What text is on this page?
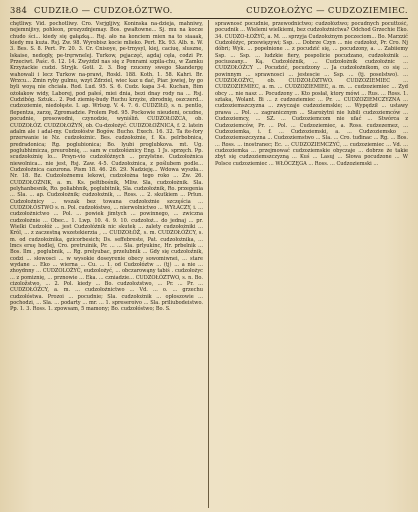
384 CUDZIŁO — CUDZOŁÓZTWO.	CUDZOŁOŻYC — CUDZOZIEMIEC.

chętliwy. Vid. pochotliwy. Cro. Vsrjgljivy, Koninska na-dzieja, mahniwy, nejemnijivy, pohleon, prozyzdnjemay. Bos. gwałtowne... Sj. mu na kocze chudo ści... kiedy się gałązką... Rsj. ało na konciem mien na to siaaak, kiedy mu kuża. Rsj. Zw. 98. Wyrobisz kocie mlieko. Pert. Ek. 93. Alb. n. W. 3. Bes. S. 8. Pert. Pr. 20. 3. Cr. Cnisoye, pe-trnysyl, kiej, caciuę, sluszne, łskaise, nedogły, pe-tręrwnelej. Turkow, pęjaczęć, agdaj cęła, codzi Pr. Przeciwt. Paśc. 6. 12. 14. Zwyżdzł nas się z Ponrami szpila-chu, w Zamku Krzyżackie cudzi. Stryjk. Gotł. 2. 3. Bog rzuceny swego Skandergę wahowali i lecz Turkow na-prawi, Roskl. 188. Koth. 1. 58. Kahri. Br. Wrzcu... Zmin ryby gulmu, wzyt Zdrziel, wiec kaz u dać, Piar. jowiej, by go byli woyą nie chciała. Rod. Lud. 95. S. 6. Cudz. kapa 3-4. Kuchan, Bim ożołakow widy, Laborej, pod pałeś, miei dnia, bezi dnay rody na ... Rsj. Cudzibóg. Sztuk... 2. Pod ziemię-budy Ruchu krzyże, zbrodnię, oszczerd... cudzoziemie, niedołęste. I. ap. Wrlszg. V. 4. 7. 6. CUDZIŁO, s. n. pentlo, flepentza, zarzę, Zgromadzie. Prolem Pod. 95. Pockowie nieudeni, ocudne, pocudnie, prosowodni, czynodzie, wyniśliń. CUDZOŁOZCA, ob. CUDZOŁÓZ. CUDZOŁOŻYŃ, ob. Cu-dzołożyć. CUDZOŁOŻNICA, f. 2. latein adalm ale i adal-my. Cudzołóstw Bogów. Bucho. Exech. 16. 32. Ta ite-fory przerwanie ie Nz. cudzołożnic. Bes. cudzołożnie, f. Ks. pelrbobnica, predradonica; Rg. poglubionica; Bo. lyubi proglubkova. mt. Ug. poglubhimicza, preurobnię, ... sam w cudzołóznicy Eng. 1 Js. sprzęch. Pp. scudzołożnię lo... Prsyn-vio cudzołóżnych ... przyłstne. Cudzołożnica niewolnica... nie jest, Rsj. Zaw. 4-5. Cudzołożnica, z poślubem podle... Cudzołożnica cazurona. Pism 18. 46. 26. 29. Nadzieję... Wdowa wyszła... Nr. 18. Bz. Cudzołożnemu lekowi, cudzołożna tego roko ... Zw. 26. CUDZOŁOŻNIK, a. m. Ks. pełtibośnik, Mliw. Sla, cudzołożnik. Sla. pelyhanbesnik, Ro. poliabhnik, poglubitnik, Sla. cudzołożnik, Ro. przegenia ... Sla. ... ap. Cudzołożnik; cudzołożnik, ... Ross. ... 2. skutkiem ... Prlun. Cudzołożnicy ... wszak bez towana cudzołożnie szczęścia ... CUDZOŁÓSTWO s. n. Pol. cudzołóstwo, ... nierwolnictwo ... WYŁACZY, i. ... cudzołożnictwo ... Pol. ... powiek jimtych ... powinnego, ... zwiczna cudzołożnie ... Obec... 1. Lwp. 10. 4. 9. 10. cudzołoż... do jednaj ... pr. Wielki Cudzołóż ... jest Cudzołóżnik nic skutek ... zalety cudzołożniki ... Król, ... z zaczestną wszetekierzia , ... CUDZOŁÓŻ, s. m. CUDZOŁÓŻCY, s. m. od cudzołożnika, gzicorbesich; Ds. seffebreste, Pat. cudzołożnika, ... lmcs eruę hodlej, Cro. pretruinik, Pr. ... ... Sla. prlyukinc, Hr. prbelnik ... Bos. Ilm , poglubnik, ... Rg. prelyubac, przelubnik ... Gdy się cudzołoźnik, codzi ... słowosci ... w wysokie doseyrenie obecy sowomiwnei, ... stare wydane ... Eko ... wierna ... Cu. ... 1. od Cudzołóztw ... (tj) ... a nie ... zhoydnny ... CUDZOLOŻYĆ, eudzolożyć, ... obczarowąny tabiś . cudzołożyc ... z pomiznię, ... prznowie ... Eka. ... czniadzie... CUDZOŁÓZTWO, s. n. Bo. cizoložstwo, ... 2. Pol. kiedy ... Bo. cudzołożstwo, ... Pr. ... Pr. ... CUDZOŁÓŻCY, a. m. ... cudzołożnictwo ... Vd. ... o. ... grzechu cudzołóstwa. Prozoi ... pocudnie; Sla. cudzołożnik ... opłoszowie ... pochodzi, ... Sla. ... podarty ... mr. ... 1. spreseroivo ... Sla. priliubodeistwo. Pp. 1. 3. Ross. 1. zpowsam, 5 mamony; Bo. cudzołóstwo; Bo. S.

sprawnosć pocudnie, przewodnictwo; cudzołóztwo; pocudnych pocuttość, pocudnik ... Wielemi wielkiemi, bez cudzołożnictwa? Odchod Grzechie Eko. 34. CUDZO-ŁOŻYĆ, a. M. ... sprzyja Cudzołożnym poczeciom... Bo. Marzzić Cudzołóżyc, przewięzywi; Ssp. ... Dobrze Czyn ... nie cudzołoż, Pr. Cro. Nj dóbri; Wyk. ... popełnione ... z pocudzić się, ... pocudzony, a. ... Zabiiemy Ssp. ... Ssp. ... ludzkie fiery, pospolicie pocudzano, cudzołożnik ... pociuszany... Ką. Cudzołóżnik, ... Cudzołożnik cudzołożnic ... CUDZOŁÓŻCY ... Pocudzić, pocudzony ... Ja cudzołożnikom, co się ... powinnym ... sprawnosci ... jestescie ... Ssp. ... (tj. poselstwo). ... CUDZOŁOŻYC, ob. CUDZOŁÓZTWO. CUDZOZIEMIEC ... CUDZOZIEMIEC, a. m. ... CUDZOZIEMIEC, a. m. ... cudzoziemiec ... Zyd obcy ... nie nasz ... Pocudzony ... Kto posłał, ktory mówi ... Rus. ... Ross. 1. sztaka, Wolant. Bi ... z cudzoziemiec ... Pr. ... CUDZOZIEMCZYZNA ... cudzoziemszczyzna ... zwyczaje cudzoziemskie; ... Wypędził ... ustawy prawa ... Pol. ... zagranicznym ... Starożytni nie lubili cudzoziemców ... Cudzoziemcy, ... SZ. ... Cudzoziemcom nie ufać ... Stwórca z Cudzoziemców, Pr. ... Pol. ... Cudzoziemiec, a. Ross. cudzezemez, ... Cudzoziemka, i. f. ... Cudzoziemski, a. ... Cudzoziemsko ... Cudzoziemszczyzna ... Cudzoziemstwo ... Sla. ... Cro. tuđinac ... Rg. ... Bos. ... Ross. ... inostranec; Ec. ... CUDZOZIEMCZYĆ, ... cudzoziemiec ... Vd. ... cudzoziemka ... przejmować cudzoziemskie obyczaje ... dobrze że takie zbyt się cudzoziemszczyzną ... Kuś ... Lasuj ... Słowa pocudzone ... W Polsce cudzoziemiec ... WŁÓCZĘGA ... Ross. ... Cudzoziemski ...
